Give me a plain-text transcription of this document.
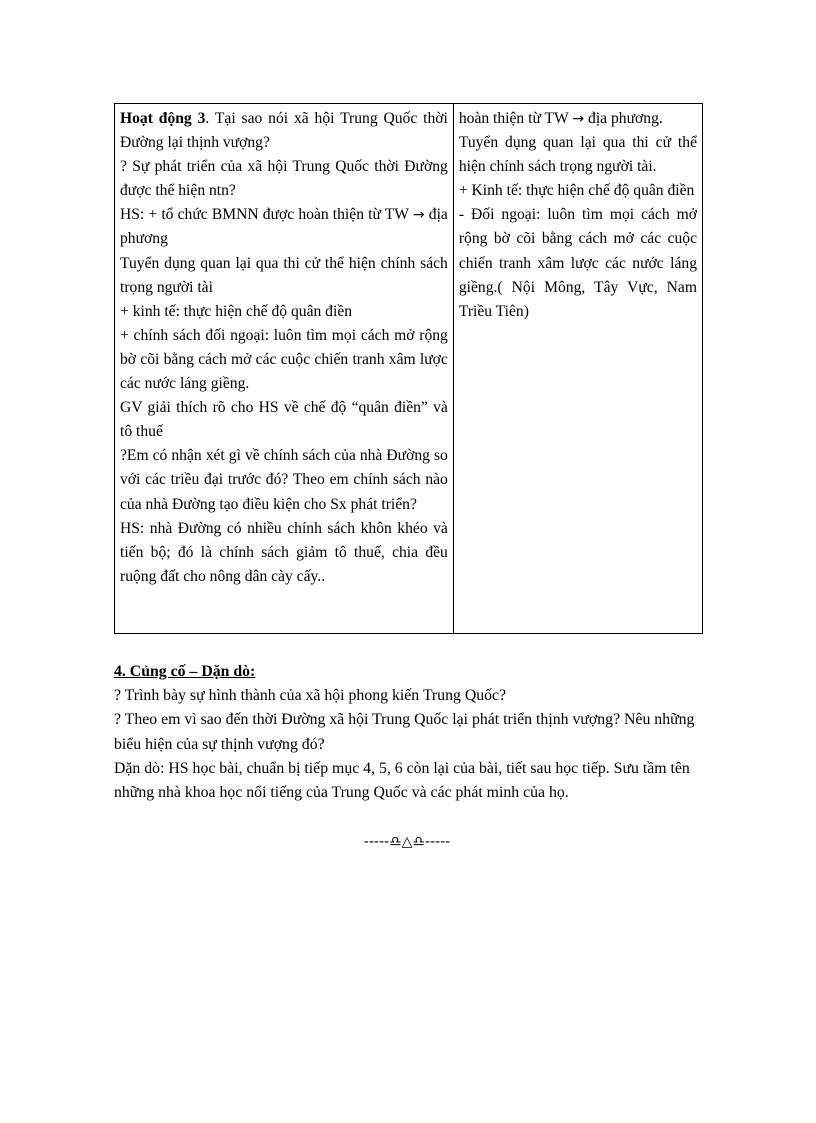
Hoạt động 3. Tại sao nói xã hội Trung Quốc thời Đường lại thịnh vượng?

? Sự phát triển của xã hội Trung Quốc thời Đường được thể hiện ntn?

HS: + tổ chức BMNN được hoàn thiện từ TW → địa phương

Tuyển dụng quan lại qua thi cử thể hiện chính sách trọng người tài

+ kinh tế: thực hiện chế độ quân điền

+ chính sách đối ngoại: luôn tìm mọi cách mở rộng bờ cõi bằng cách mở các cuộc chiến tranh xâm lược các nước láng giềng.

GV giải thích rõ cho HS về chế độ “quân điền” và tô thuế

?Em có nhận xét gì về chính sách của nhà Đường so với các triều đại trước đó? Theo em chính sách nào của nhà Đường tạo điều kiện cho Sx phát triển?

HS: nhà Đường có nhiều chính sách khôn khéo và tiến bộ; đó là chính sách giảm tô thuế, chia đều ruộng đất cho nông dân cày cấy..

hoàn thiện từ TW → địa phương.

Tuyển dụng quan lại qua thi cử thể hiện chính sách trọng người tài.

+ Kinh tế: thực hiện chế độ quân điền

- Đối ngoại: luôn tìm mọi cách mở rộng bờ cõi bằng cách mở các cuộc chiến tranh xâm lược các nước láng giềng.( Nội Mông, Tây Vực, Nam Triều Tiên)

4. Củng cố – Dặn dò:

? Trình bày sự hình thành của xã hội phong kiến Trung Quốc?

? Theo em vì sao đến thời Đường xã hội Trung Quốc lại phát triển thịnh vượng? Nêu những biểu hiện của sự thịnh vượng đó?

Dặn dò: HS học bài, chuẩn bị tiếp mục 4, 5, 6 còn lại của bài, tiết sau học tiếp. Sưu tầm tên những nhà khoa học nổi tiếng của Trung Quốc và các phát minh của họ.

-----♎△♎-----
